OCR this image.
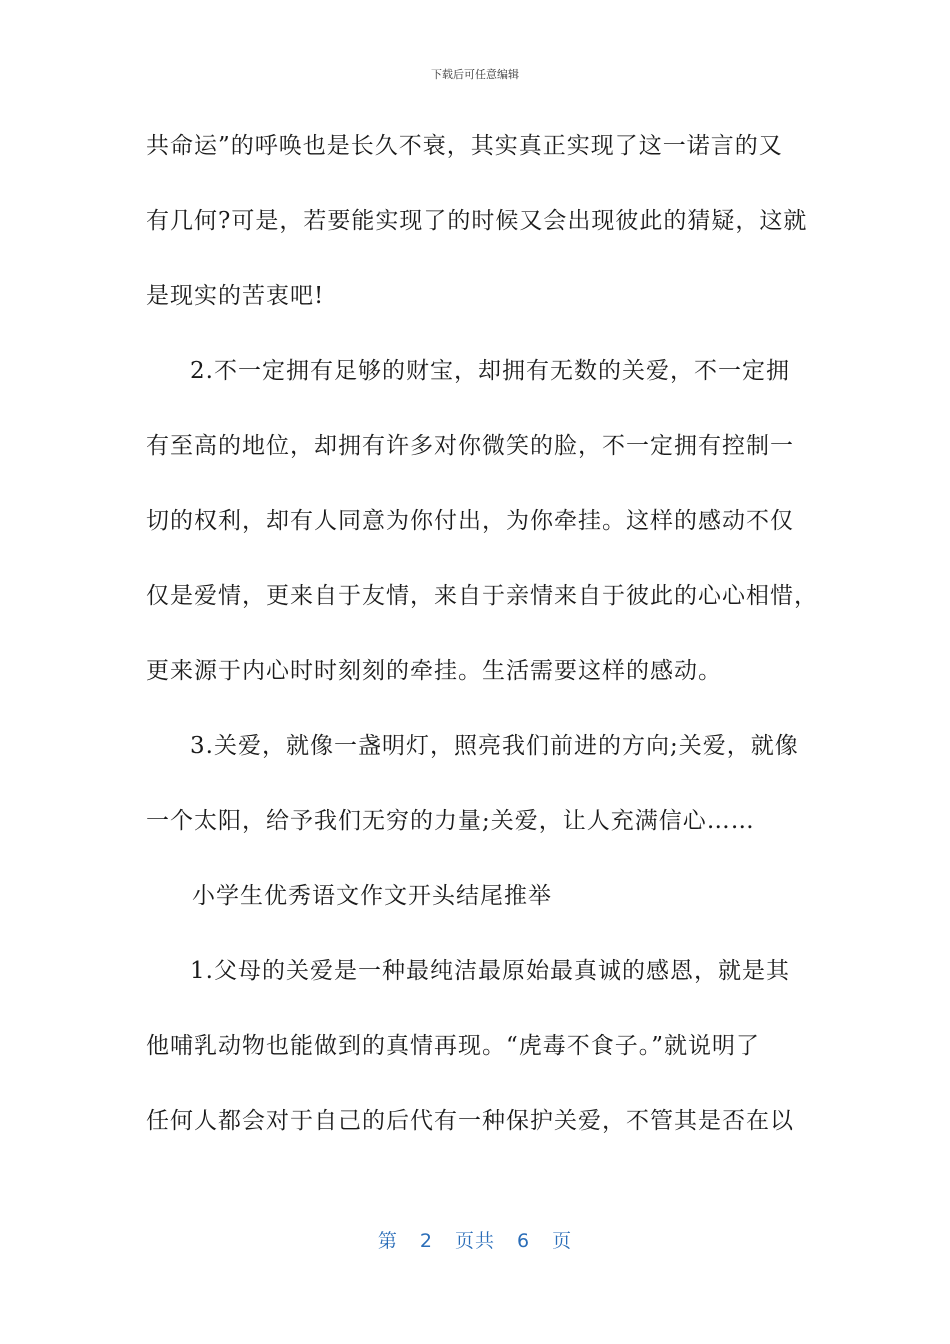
下载后可任意编辑
共命运”的呼唤也是长久不衰，其实真正实现了这一诺言的又
有几何?可是，若要能实现了的时候又会出现彼此的猜疑，这就
是现实的苦衷吧!
2.不一定拥有足够的财宝，却拥有无数的关爱，不一定拥
有至高的地位，却拥有许多对你微笑的脸，不一定拥有控制一
切的权利，却有人同意为你付出，为你牵挂。这样的感动不仅
仅是爱情，更来自于友情，来自于亲情来自于彼此的心心相惜，
更来源于内心时时刻刻的牵挂。生活需要这样的感动。
3.关爱，就像一盏明灯，照亮我们前进的方向;关爱，就像
一个太阳，给予我们无穷的力量;关爱，让人充满信心……
小学生优秀语文作文开头结尾推举
1.父母的关爱是一种最纯洁最原始最真诚的感恩，就是其
他哺乳动物也能做到的真情再现。“虎毒不食子。”就说明了
任何人都会对于自己的后代有一种保护关爱，不管其是否在以
第 2 页共 6 页
